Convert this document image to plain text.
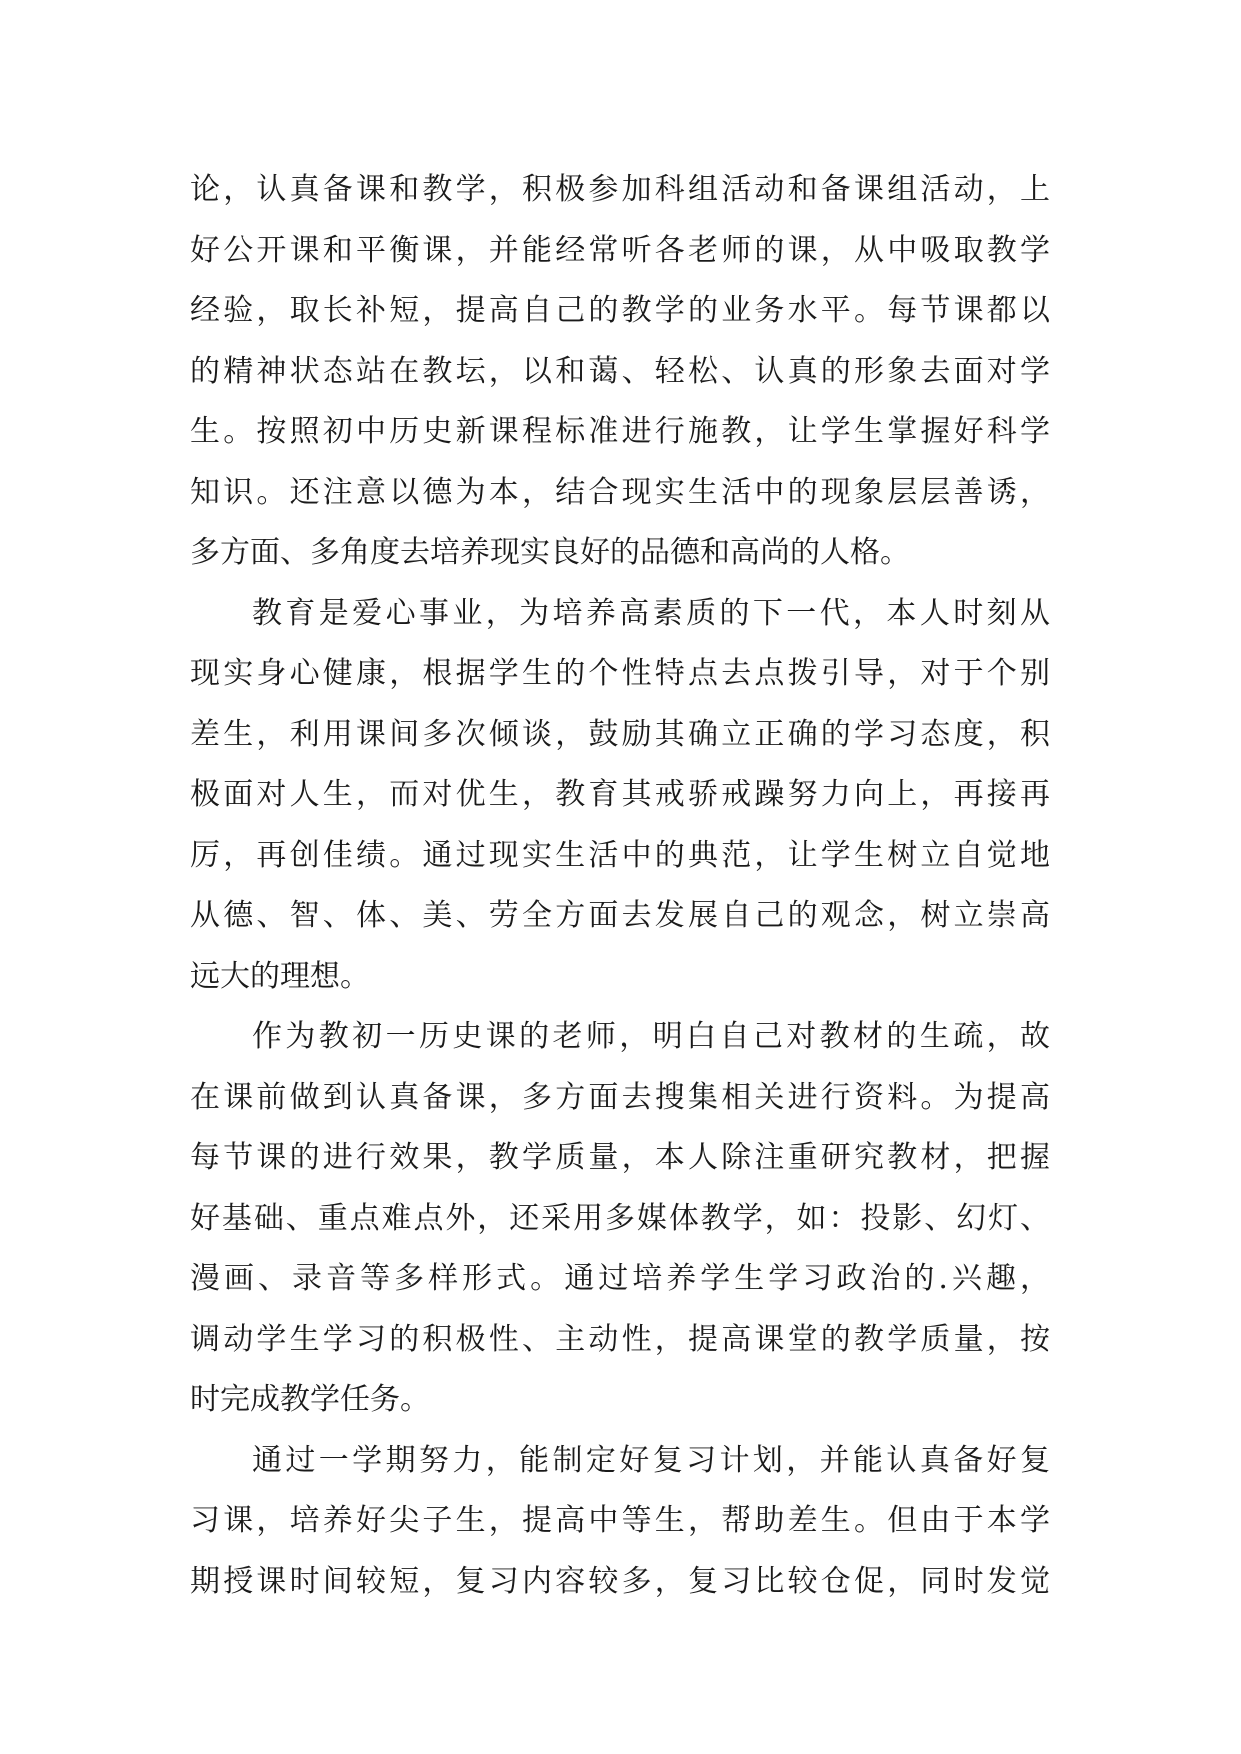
论，认真备课和教学，积极参加科组活动和备课组活动，上
好公开课和平衡课，并能经常听各老师的课，从中吸取教学
经验，取长补短，提高自己的教学的业务水平。每节课都以
的精神状态站在教坛，以和蔼、轻松、认真的形象去面对学
生。按照初中历史新课程标准进行施教，让学生掌握好科学
知识。还注意以德为本，结合现实生活中的现象层层善诱，
多方面、多角度去培养现实良好的品德和高尚的人格。
教育是爱心事业，为培养高素质的下一代，本人时刻从
现实身心健康，根据学生的个性特点去点拨引导，对于个别
差生，利用课间多次倾谈，鼓励其确立正确的学习态度，积
极面对人生，而对优生，教育其戒骄戒躁努力向上，再接再
厉，再创佳绩。通过现实生活中的典范，让学生树立自觉地
从德、智、体、美、劳全方面去发展自己的观念，树立崇高
远大的理想。
作为教初一历史课的老师，明白自己对教材的生疏，故
在课前做到认真备课，多方面去搜集相关进行资料。为提高
每节课的进行效果，教学质量，本人除注重研究教材，把握
好基础、重点难点外，还采用多媒体教学，如：投影、幻灯、
漫画、录音等多样形式。通过培养学生学习政治的.兴趣，
调动学生学习的积极性、主动性，提高课堂的教学质量，按
时完成教学任务。
通过一学期努力，能制定好复习计划，并能认真备好复
习课，培养好尖子生，提高中等生，帮助差生。但由于本学
期授课时间较短，复习内容较多，复习比较仓促，同时发觉
